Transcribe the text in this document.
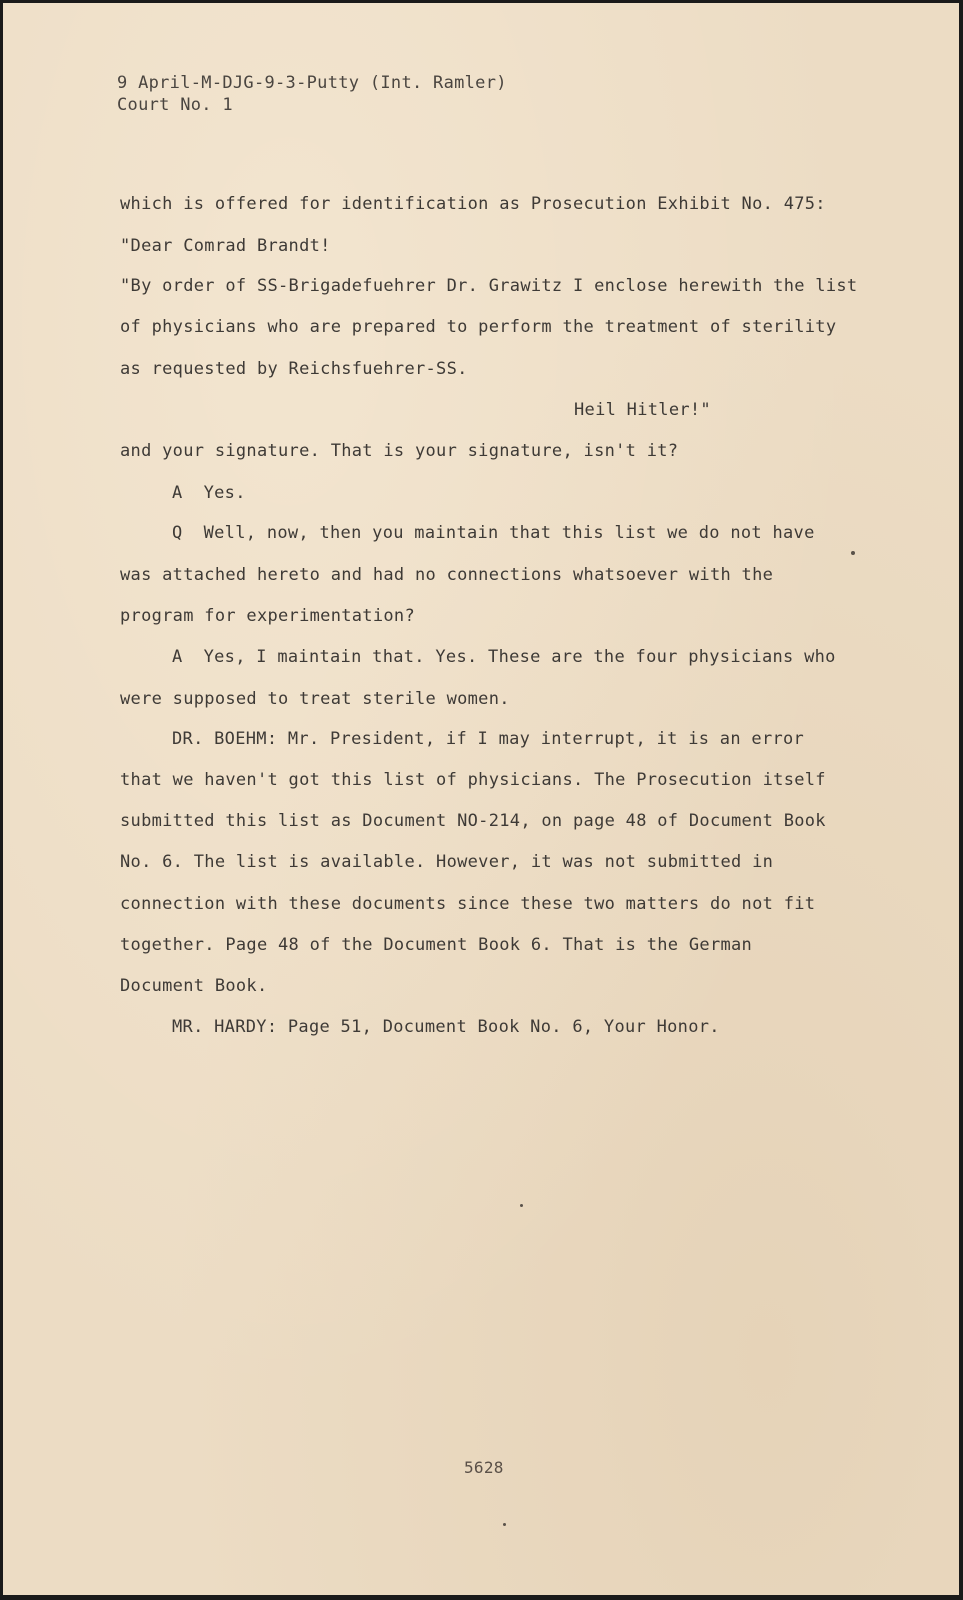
9 April-M-DJG-9-3-Putty (Int. Ramler)

Court No. 1

which is offered for identification as Prosecution Exhibit No. 475:

"Dear Comrad Brandt!

"By order of SS-Brigadefuehrer Dr. Grawitz I enclose herewith the list

of physicians who are prepared to perform the treatment of sterility

as requested by Reichsfuehrer-SS.

Heil Hitler!"

and your signature. That is your signature, isn't it?

A  Yes.

Q  Well, now, then you maintain that this list we do not have

was attached hereto and had no connections whatsoever with the

program for experimentation?

A  Yes, I maintain that. Yes. These are the four physicians who

were supposed to treat sterile women.

DR. BOEHM: Mr. President, if I may interrupt, it is an error

that we haven't got this list of physicians. The Prosecution itself

submitted this list as Document NO-214, on page 48 of Document Book

No. 6. The list is available. However, it was not submitted in

connection with these documents since these two matters do not fit

together. Page 48 of the Document Book 6. That is the German

Document Book.

MR. HARDY: Page 51, Document Book No. 6, Your Honor.

5628
